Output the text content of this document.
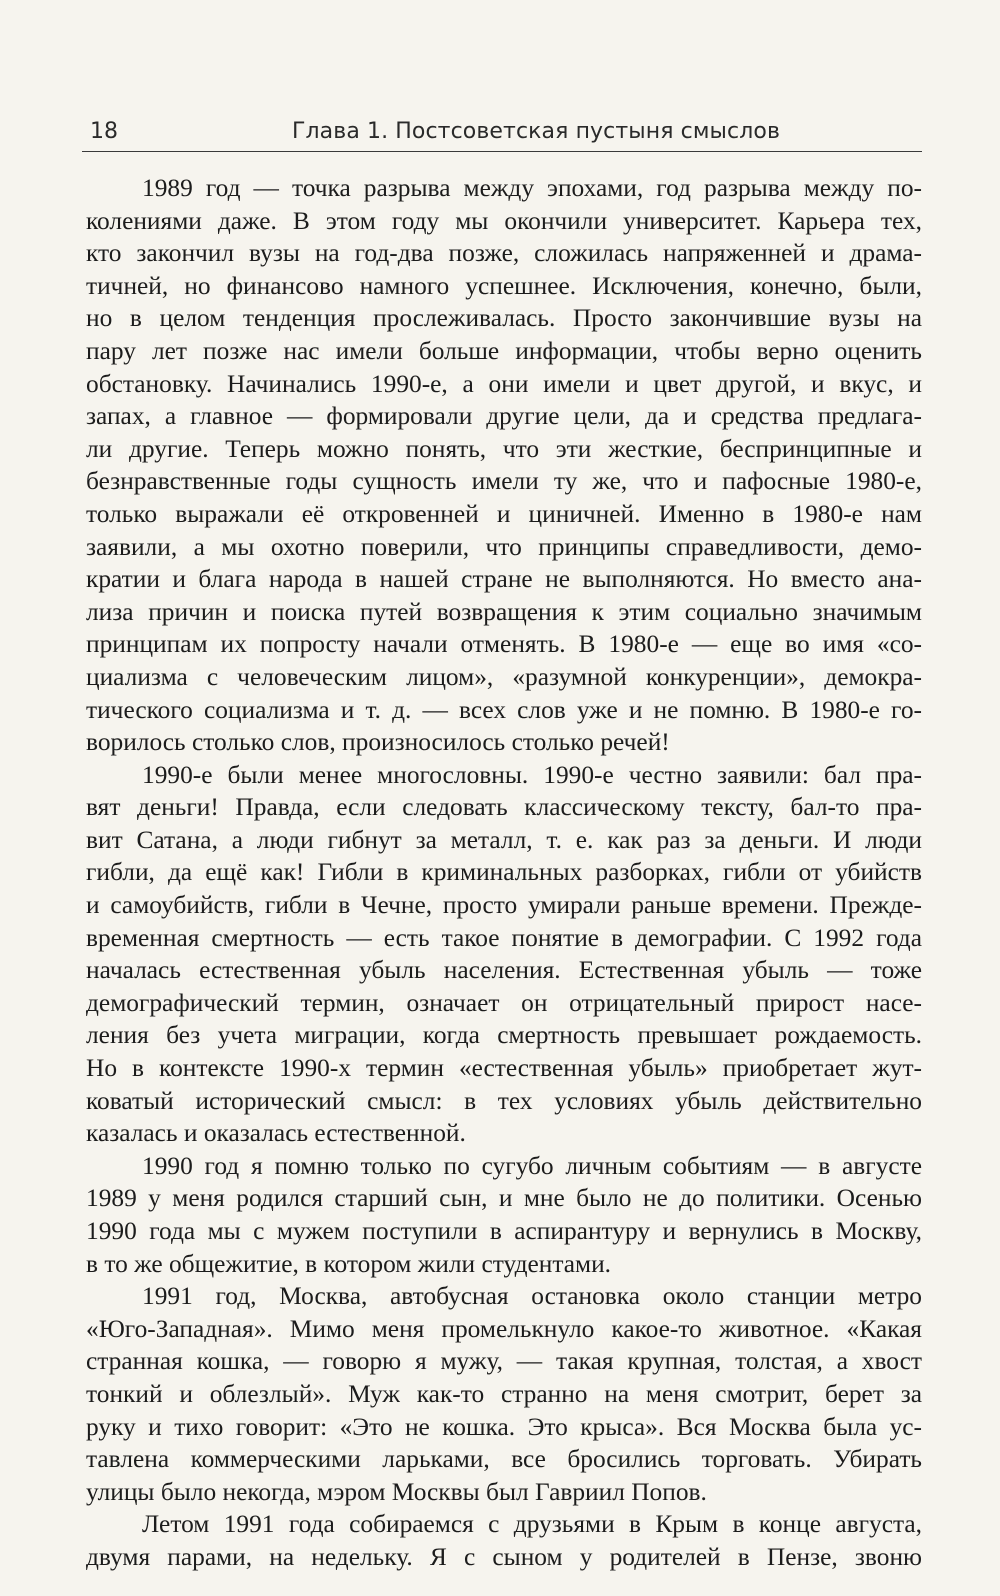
18	Глава 1. Постсоветская пустыня смыслов
1989 год — точка разрыва между эпохами, год разрыва между по-
колениями даже. В этом году мы окончили университет. Карьера тех,
кто закончил вузы на год-два позже, сложилась напряженней и драма-
тичней, но финансово намного успешнее. Исключения, конечно, были,
но в целом тенденция прослеживалась. Просто закончившие вузы на
пару лет позже нас имели больше информации, чтобы верно оценить
обстановку. Начинались 1990-е, а они имели и цвет другой, и вкус, и
запах, а главное — формировали другие цели, да и средства предлага-
ли другие. Теперь можно понять, что эти жесткие, беспринципные и
безнравственные годы сущность имели ту же, что и пафосные 1980-е,
только выражали её откровенней и циничней. Именно в 1980-е нам
заявили, а мы охотно поверили, что принципы справедливости, демо-
кратии и блага народа в нашей стране не выполняются. Но вместо ана-
лиза причин и поиска путей возвращения к этим социально значимым
принципам их попросту начали отменять. В 1980-е — еще во имя «со-
циализма с человеческим лицом», «разумной конкуренции», демокра-
тического социализма и т. д. — всех слов уже и не помню. В 1980-е го-
ворилось столько слов, произносилось столько речей!
1990-е были менее многословны. 1990-е честно заявили: бал пра-
вят деньги! Правда, если следовать классическому тексту, бал-то пра-
вит Сатана, а люди гибнут за металл, т. е. как раз за деньги. И люди
гибли, да ещё как! Гибли в криминальных разборках, гибли от убийств
и самоубийств, гибли в Чечне, просто умирали раньше времени. Преждe-
временная смертность — есть такое понятие в демографии. С 1992 года
началась естественная убыль населения. Естественная убыль — тоже
демографический термин, означает он отрицательный прирост насе-
ления без учета миграции, когда смертность превышает рождаемость.
Но в контексте 1990-х термин «естественная убыль» приобретает жут-
коватый исторический смысл: в тех условиях убыль действительно
казалась и оказалась естественной.
1990 год я помню только по сугубо личным событиям — в августе
1989 у меня родился старший сын, и мне было не до политики. Осенью
1990 года мы с мужем поступили в аспирантуру и вернулись в Москву,
в то же общежитие, в котором жили студентами.
1991 год, Москва, автобусная остановка около станции метро
«Юго-Западная». Мимо меня промелькнуло какое-то животное. «Какая
странная кошка, — говорю я мужу, — такая крупная, толстая, а хвост
тонкий и облезлый». Муж как-то странно на меня смотрит, берет за
руку и тихо говорит: «Это не кошка. Это крыса». Вся Москва была ус-
тавлена коммерческими ларьками, все бросились торговать. Убирать
улицы было некогда, мэром Москвы был Гавриил Попов.
Летом 1991 года собираемся с друзьями в Крым в конце августа,
двумя парами, на недельку. Я с сыном у родителей в Пензе, звоню
